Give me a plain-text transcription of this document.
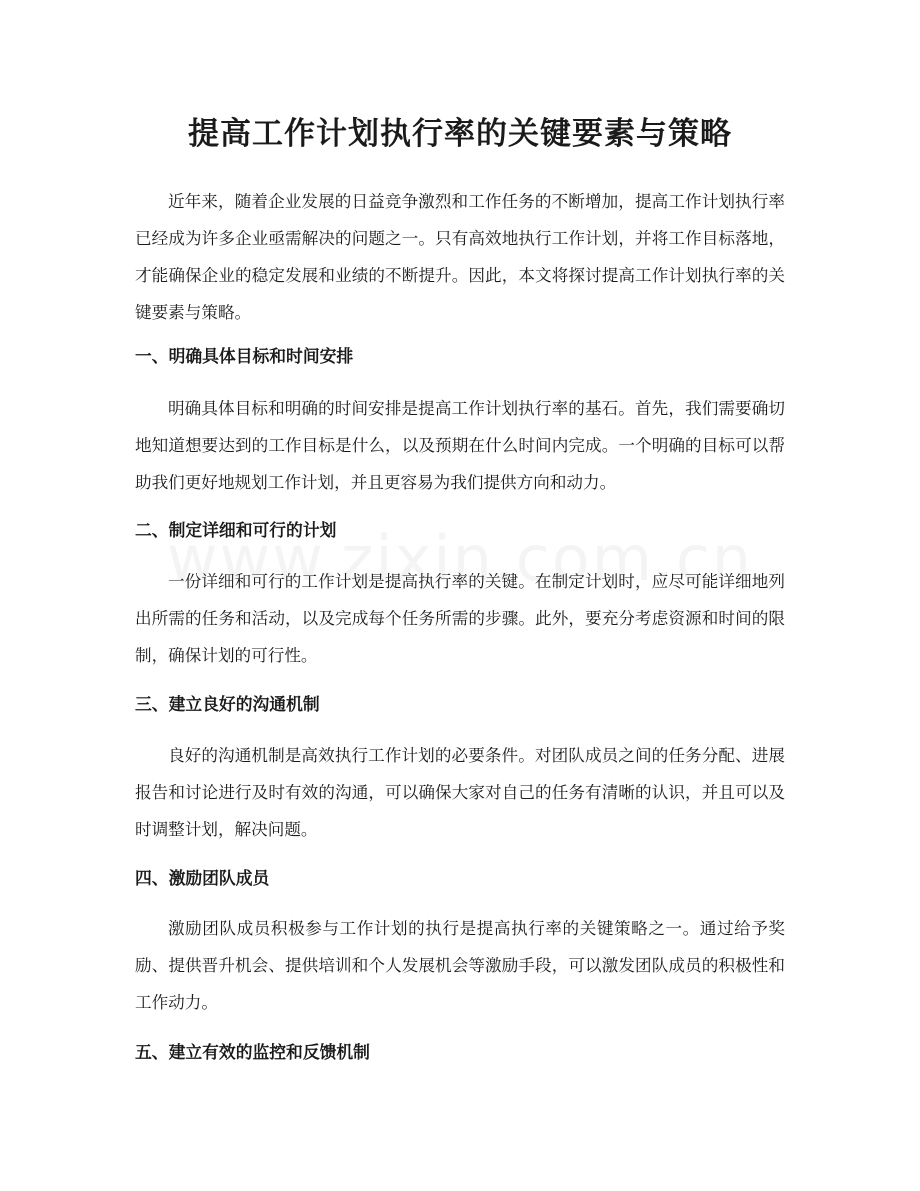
提高工作计划执行率的关键要素与策略

近年来，随着企业发展的日益竞争激烈和工作任务的不断增加，提高工作计划执行率已经成为许多企业亟需解决的问题之一。只有高效地执行工作计划，并将工作目标落地，才能确保企业的稳定发展和业绩的不断提升。因此，本文将探讨提高工作计划执行率的关键要素与策略。

一、明确具体目标和时间安排

明确具体目标和明确的时间安排是提高工作计划执行率的基石。首先，我们需要确切地知道想要达到的工作目标是什么，以及预期在什么时间内完成。一个明确的目标可以帮助我们更好地规划工作计划，并且更容易为我们提供方向和动力。

二、制定详细和可行的计划

一份详细和可行的工作计划是提高执行率的关键。在制定计划时，应尽可能详细地列出所需的任务和活动，以及完成每个任务所需的步骤。此外，要充分考虑资源和时间的限制，确保计划的可行性。

三、建立良好的沟通机制

良好的沟通机制是高效执行工作计划的必要条件。对团队成员之间的任务分配、进展报告和讨论进行及时有效的沟通，可以确保大家对自己的任务有清晰的认识，并且可以及时调整计划，解决问题。

四、激励团队成员

激励团队成员积极参与工作计划的执行是提高执行率的关键策略之一。通过给予奖励、提供晋升机会、提供培训和个人发展机会等激励手段，可以激发团队成员的积极性和工作动力。

五、建立有效的监控和反馈机制
